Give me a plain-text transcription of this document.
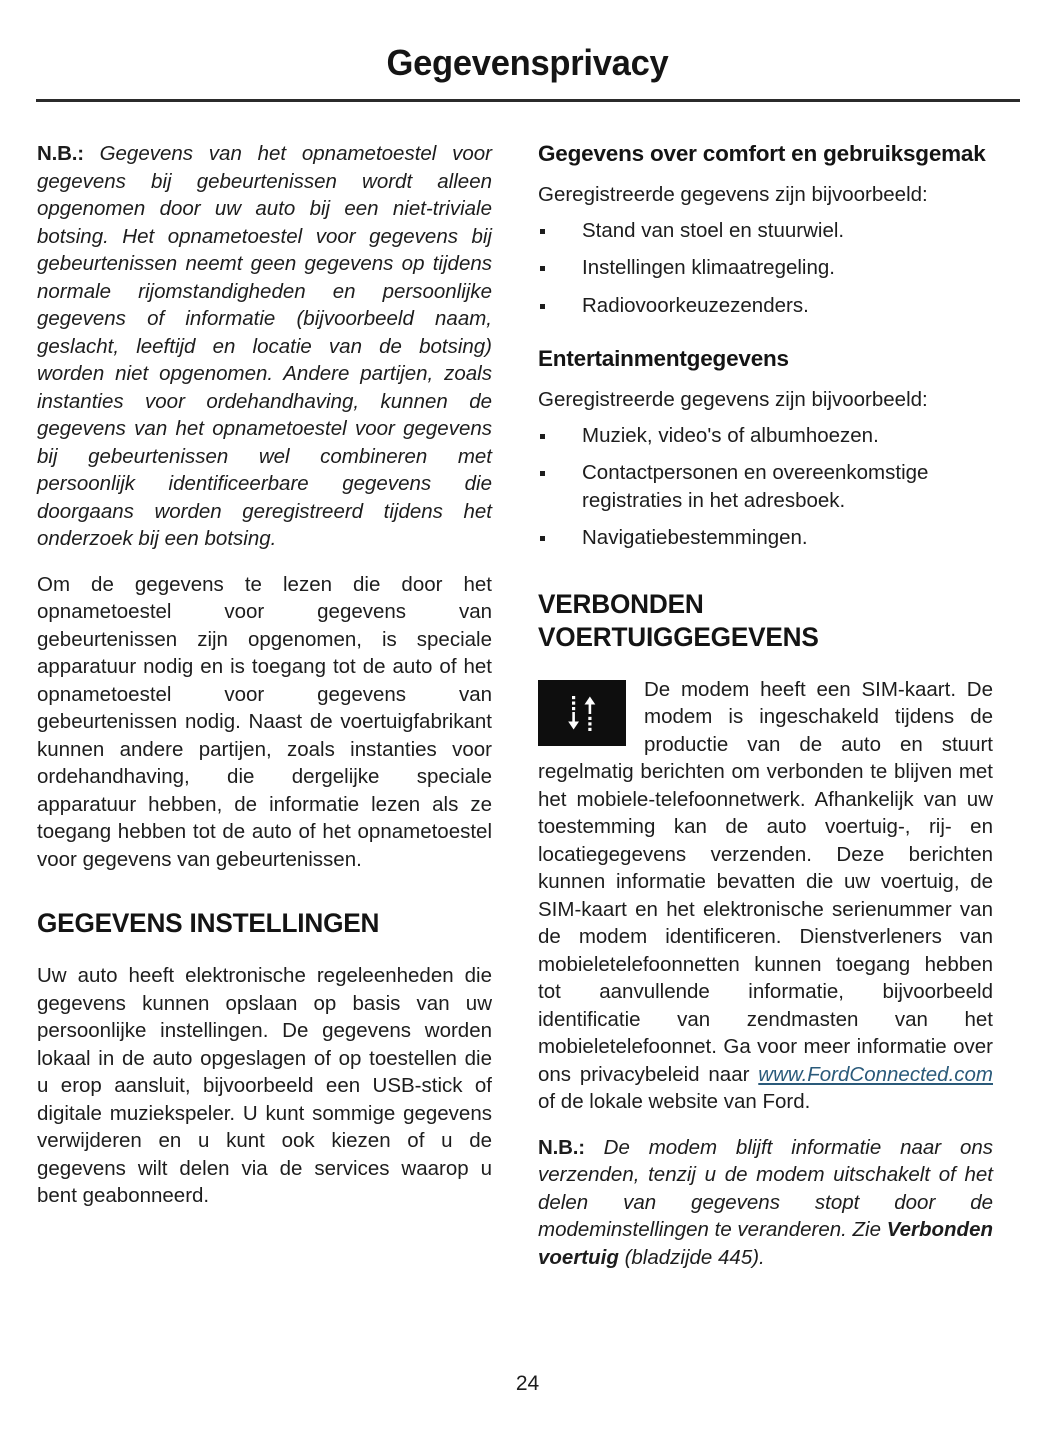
Gegevensprivacy

N.B.: Gegevens van het opnametoestel voor gegevens bij gebeurtenissen wordt alleen opgenomen door uw auto bij een niet-triviale botsing. Het opnametoestel voor gegevens bij gebeurtenissen neemt geen gegevens op tijdens normale rijomstandigheden en persoonlijke gegevens of informatie (bijvoorbeeld naam, geslacht, leeftijd en locatie van de botsing) worden niet opgenomen. Andere partijen, zoals instanties voor ordehandhaving, kunnen de gegevens van het opnametoestel voor gegevens bij gebeurtenissen wel combineren met persoonlijk identificeerbare gegevens die doorgaans worden geregistreerd tijdens het onderzoek bij een botsing.

Om de gegevens te lezen die door het opnametoestel voor gegevens van gebeurtenissen zijn opgenomen, is speciale apparatuur nodig en is toegang tot de auto of het opnametoestel voor gegevens van gebeurtenissen nodig. Naast de voertuigfabrikant kunnen andere partijen, zoals instanties voor ordehandhaving, die dergelijke speciale apparatuur hebben, de informatie lezen als ze toegang hebben tot de auto of het opnametoestel voor gegevens van gebeurtenissen.

GEGEVENS INSTELLINGEN

Uw auto heeft elektronische regeleenheden die gegevens kunnen opslaan op basis van uw persoonlijke instellingen. De gegevens worden lokaal in de auto opgeslagen of op toestellen die u erop aansluit, bijvoorbeeld een USB-stick of digitale muziekspeler. U kunt sommige gegevens verwijderen en u kunt ook kiezen of u de gegevens wilt delen via de services waarop u bent geabonneerd.

Gegevens over comfort en gebruiksgemak

Geregistreerde gegevens zijn bijvoorbeeld:

Stand van stoel en stuurwiel.
Instellingen klimaatregeling.
Radiovoorkeuzezenders.
Entertainmentgegevens

Geregistreerde gegevens zijn bijvoorbeeld:

Muziek, video's of albumhoezen.
Contactpersonen en overeenkomstige registraties in het adresboek.
Navigatiebestemmingen.
VERBONDEN VOERTUIGGEGEVENS

De modem heeft een SIM-kaart. De modem is ingeschakeld tijdens de productie van de auto en stuurt regelmatig berichten om verbonden te blijven met het mobiele-telefoonnetwerk. Afhankelijk van uw toestemming kan de auto voertuig-, rij- en locatiegegevens verzenden. Deze berichten kunnen informatie bevatten die uw voertuig, de SIM-kaart en het elektronische serienummer van de modem identificeren. Dienstverleners van mobieletelefoonnetten kunnen toegang hebben tot aanvullende informatie, bijvoorbeeld identificatie van zendmasten van het mobieletelefoonnet. Ga voor meer informatie over ons privacybeleid naar www.FordConnected.com of de lokale website van Ford.

N.B.: De modem blijft informatie naar ons verzenden, tenzij u de modem uitschakelt of het delen van gegevens stopt door de modeminstellingen te veranderen. Zie Verbonden voertuig (bladzijde 445).

24
